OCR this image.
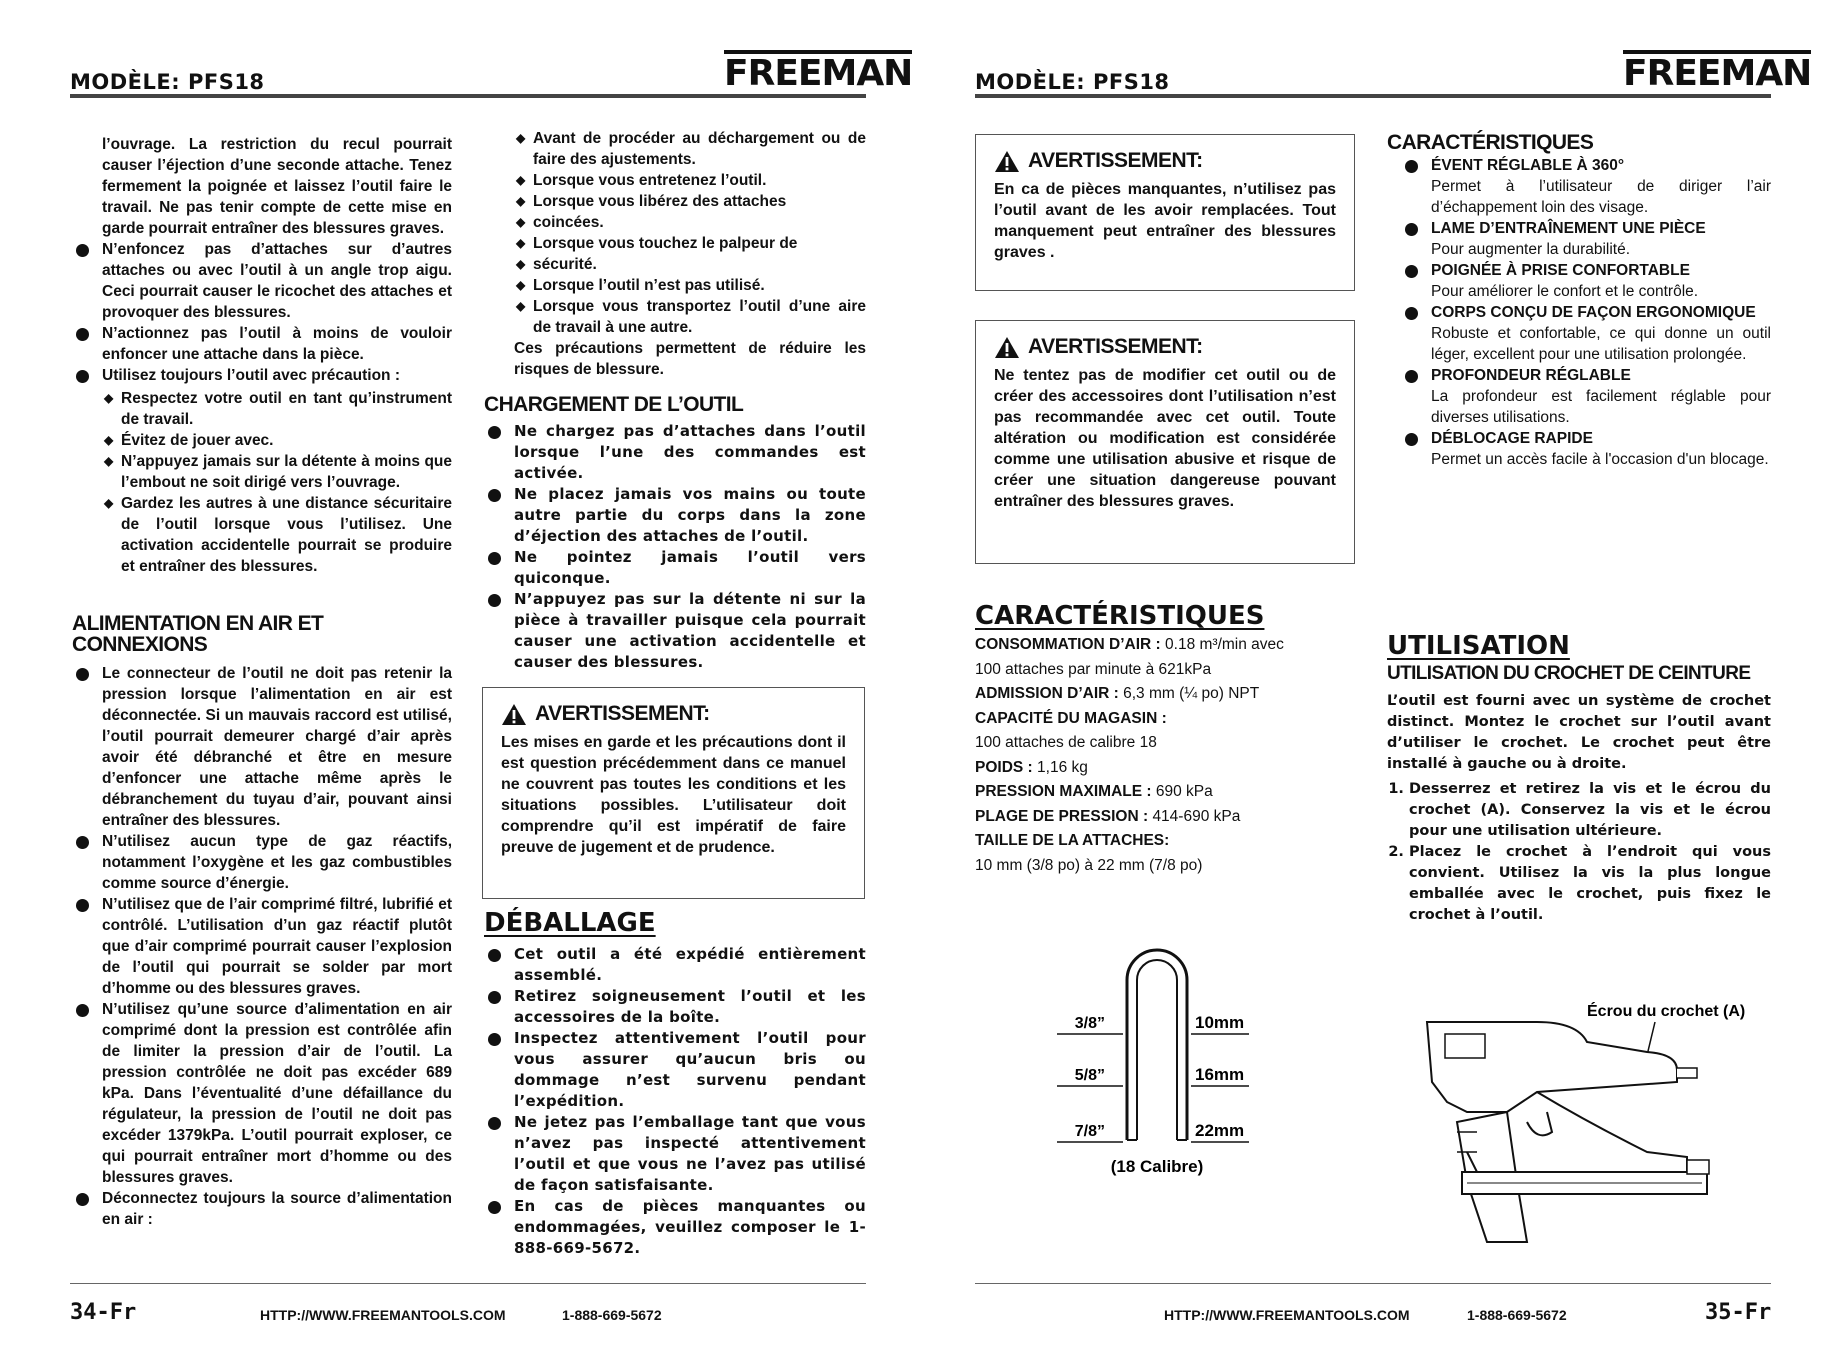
MODÈLE: PFS18	FREEMAN

l’ouvrage. La restriction du recul pourrait causer l’éjection d’une seconde attache. Tenez fermement la poignée et laissez l’outil faire le travail. Ne pas tenir compte de cette mise en garde pourrait entraîner des blessures graves.

N’enfoncez pas d’attaches sur d’autres attaches ou avec l’outil à un angle trop aigu. Ceci pourrait causer le ricochet des attaches et provoquer des blessures.
N’actionnez pas l’outil à moins de vouloir enfoncer une attache dans la pièce.
Utilisez toujours l’outil avec précaution :
◆ Respectez votre outil en tant qu’instrument de travail.
◆ Évitez de jouer avec.
◆ N’appuyez jamais sur la détente à moins que l’embout ne soit dirigé vers l’ouvrage.
◆ Gardez les autres à une distance sécuritaire de l’outil lorsque vous l’utilisez. Une activation accidentelle pourrait se produire et entraîner des blessures.
ALIMENTATION EN AIR ET CONNEXIONS
Le connecteur de l’outil ne doit pas retenir la pression lorsque l’alimentation en air est déconnectée. Si un mauvais raccord est utilisé, l’outil pourrait demeurer chargé d’air après avoir été débranché et être en mesure d’enfoncer une attache même après le débranchement du tuyau d’air, pouvant ainsi entraîner des blessures.
N’utilisez aucun type de gaz réactifs, notamment l’oxygène et les gaz combustibles comme source d’énergie.
N’utilisez que de l’air comprimé filtré, lubrifié et contrôlé. L’utilisation d’un gaz réactif plutôt que d’air comprimé pourrait causer l’explosion de l’outil qui pourrait se solder par mort d’homme ou des blessures graves.
N’utilisez qu’une source d’alimentation en air comprimé dont la pression est contrôlée afin de limiter la pression d’air de l’outil. La pression contrôlée ne doit pas excéder 689 kPa. Dans l’éventualité d’une défaillance du régulateur, la pression de l’outil ne doit pas excéder 1379kPa. L’outil pourrait exploser, ce qui pourrait entraîner mort d’homme ou des blessures graves.
Déconnectez toujours la source d’alimentation en air :
◆ Avant de procéder au déchargement ou de faire des ajustements.
◆ Lorsque vous entretenez l’outil.
◆ Lorsque vous libérez des attaches
◆ coincées.
◆ Lorsque vous touchez le palpeur de
◆ sécurité.
◆ Lorsque l’outil n’est pas utilisé.
◆ Lorsque vous transportez l’outil d’une aire de travail à une autre.

Ces précautions permettent de réduire les risques de blessure.

CHARGEMENT DE L’OUTIL
Ne chargez pas d’attaches dans l’outil lorsque l’une des commandes est activée.
Ne placez jamais vos mains ou toute autre partie du corps dans la zone d’éjection des attaches de l’outil.
Ne pointez jamais l’outil vers quiconque.
N’appuyez pas sur la détente ni sur la pièce à travailler puisque cela pourrait causer une activation accidentelle et causer des blessures.
AVERTISSEMENT:

Les mises en garde et les précautions dont il est question précédemment dans ce manuel ne couvrent pas toutes les conditions et les situations possibles. L’utilisateur doit comprendre qu’il est impératif de faire preuve de jugement et de prudence.

DÉBALLAGE
Cet outil a été expédié entièrement assemblé.
Retirez soigneusement l’outil et les accessoires de la boîte.
Inspectez attentivement l’outil pour vous assurer qu’aucun bris ou dommage n’est survenu pendant l’expédition.
Ne jetez pas l’emballage tant que vous n’avez pas inspecté attentivement l’outil et que vous ne l’avez pas utilisé de façon satisfaisante.
En cas de pièces manquantes ou endommagées, veuillez composer le 1-888-669-5672.
34-Fr	HTTP://WWW.FREEMANTOOLS.COM	1-888-669-5672
MODÈLE: PFS18	FREEMAN
AVERTISSEMENT:

En ca de pièces manquantes, n’utilisez pas l’outil avant de les avoir remplacées. Tout manquement peut entraîner des blessures graves .

AVERTISSEMENT:

Ne tentez pas de modifier cet outil ou de créer des accessoires dont l’utilisation n’est pas recommandée avec cet outil. Toute altération ou modification est considérée comme une utilisation abusive et risque de créer une situation dangereuse pouvant entraîner des blessures graves.

CARACTÉRISTIQUES
ÉVENT RÉGLABLE À 360°
Permet à l’utilisateur de diriger l’air d’échappement loin des visage.
LAME D’ENTRAÎNEMENT UNE PIÈCE
Pour augmenter la durabilité.
POIGNÉE À PRISE CONFORTABLE
Pour améliorer le confort et le contrôle.
CORPS CONÇU DE FAÇON ERGONOMIQUE
Robuste et confortable, ce qui donne un outil léger, excellent pour une utilisation prolongée.
PROFONDEUR RÉGLABLE
La profondeur est facilement réglable pour diverses utilisations.
DÉBLOCAGE RAPIDE
Permet un accès facile à l'occasion d'un blocage.
CARACTÉRISTIQUES

CONSOMMATION D’AIR : 0.18 m³/min avec

100 attaches par minute à 621kPa

ADMISSION D’AIR : 6,3 mm (¼ po) NPT

CAPACITÉ DU MAGASIN :

100 attaches de calibre 18

POIDS : 1,16 kg

PRESSION MAXIMALE : 690 kPa

PLAGE DE PRESSION : 414-690 kPa

TAILLE DE LA ATTACHES:

10 mm (3/8 po) à 22 mm (7/8 po)

3/8”
5/8”
7/8”
10mm
16mm
22mm
(18 Calibre)
UTILISATION
UTILISATION DU CROCHET DE CEINTURE

L’outil est fourni avec un système de crochet distinct. Montez le crochet sur l’outil avant d’utiliser le crochet. Le crochet peut être installé à gauche ou à droite.

1. Desserrez et retirez la vis et le écrou du crochet (A). Conservez la vis et le écrou pour une utilisation ultérieure.
2. Placez le crochet à l’endroit qui vous convient. Utilisez la vis la plus longue emballée avec le crochet, puis fixez le crochet à l’outil.
Écrou du crochet (A)
HTTP://WWW.FREEMANTOOLS.COM	1-888-669-5672	35-Fr
